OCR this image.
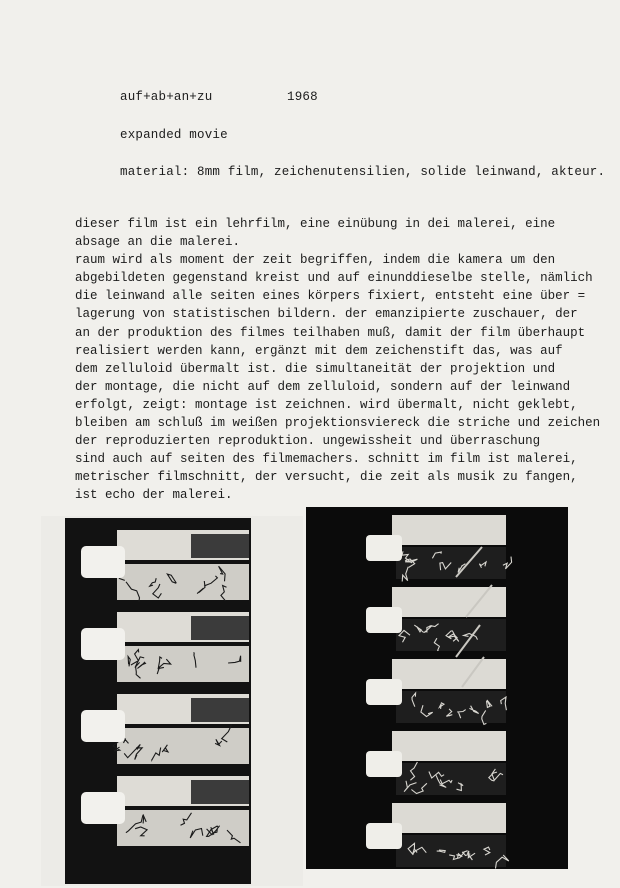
auf+ab+an+zu	1968
expanded movie
material: 8mm film, zeichenutensilien, solide leinwand, akteur.
dieser film ist ein lehrfilm, eine einübung in dei malerei, eine
absage an die malerei.
raum wird als moment der zeit begriffen, indem die kamera um den
abgebildeten gegenstand kreist und auf einunddieselbe stelle, nämlich
die leinwand alle seiten eines körpers fixiert, entsteht eine über =
lagerung von statistischen bildern. der emanzipierte zuschauer, der
an der produktion des filmes teilhaben muß, damit der film überhaupt
realisiert werden kann, ergänzt mit dem zeichenstift das, was auf
dem zelluloid übermalt ist. die simultaneität der projektion und
der montage, die nicht auf dem zelluloid, sondern auf der leinwand
erfolgt, zeigt: montage ist zeichnen. wird übermalt, nicht geklebt,
bleiben am schluß im weißen projektionsviereck die striche und zeichen
der reproduzierten reproduktion. ungewissheit und überraschung
sind auch auf seiten des filmemachers. schnitt im film ist malerei,
metrischer filmschnitt, der versucht, die zeit als musik zu fangen,
ist echo der malerei.
